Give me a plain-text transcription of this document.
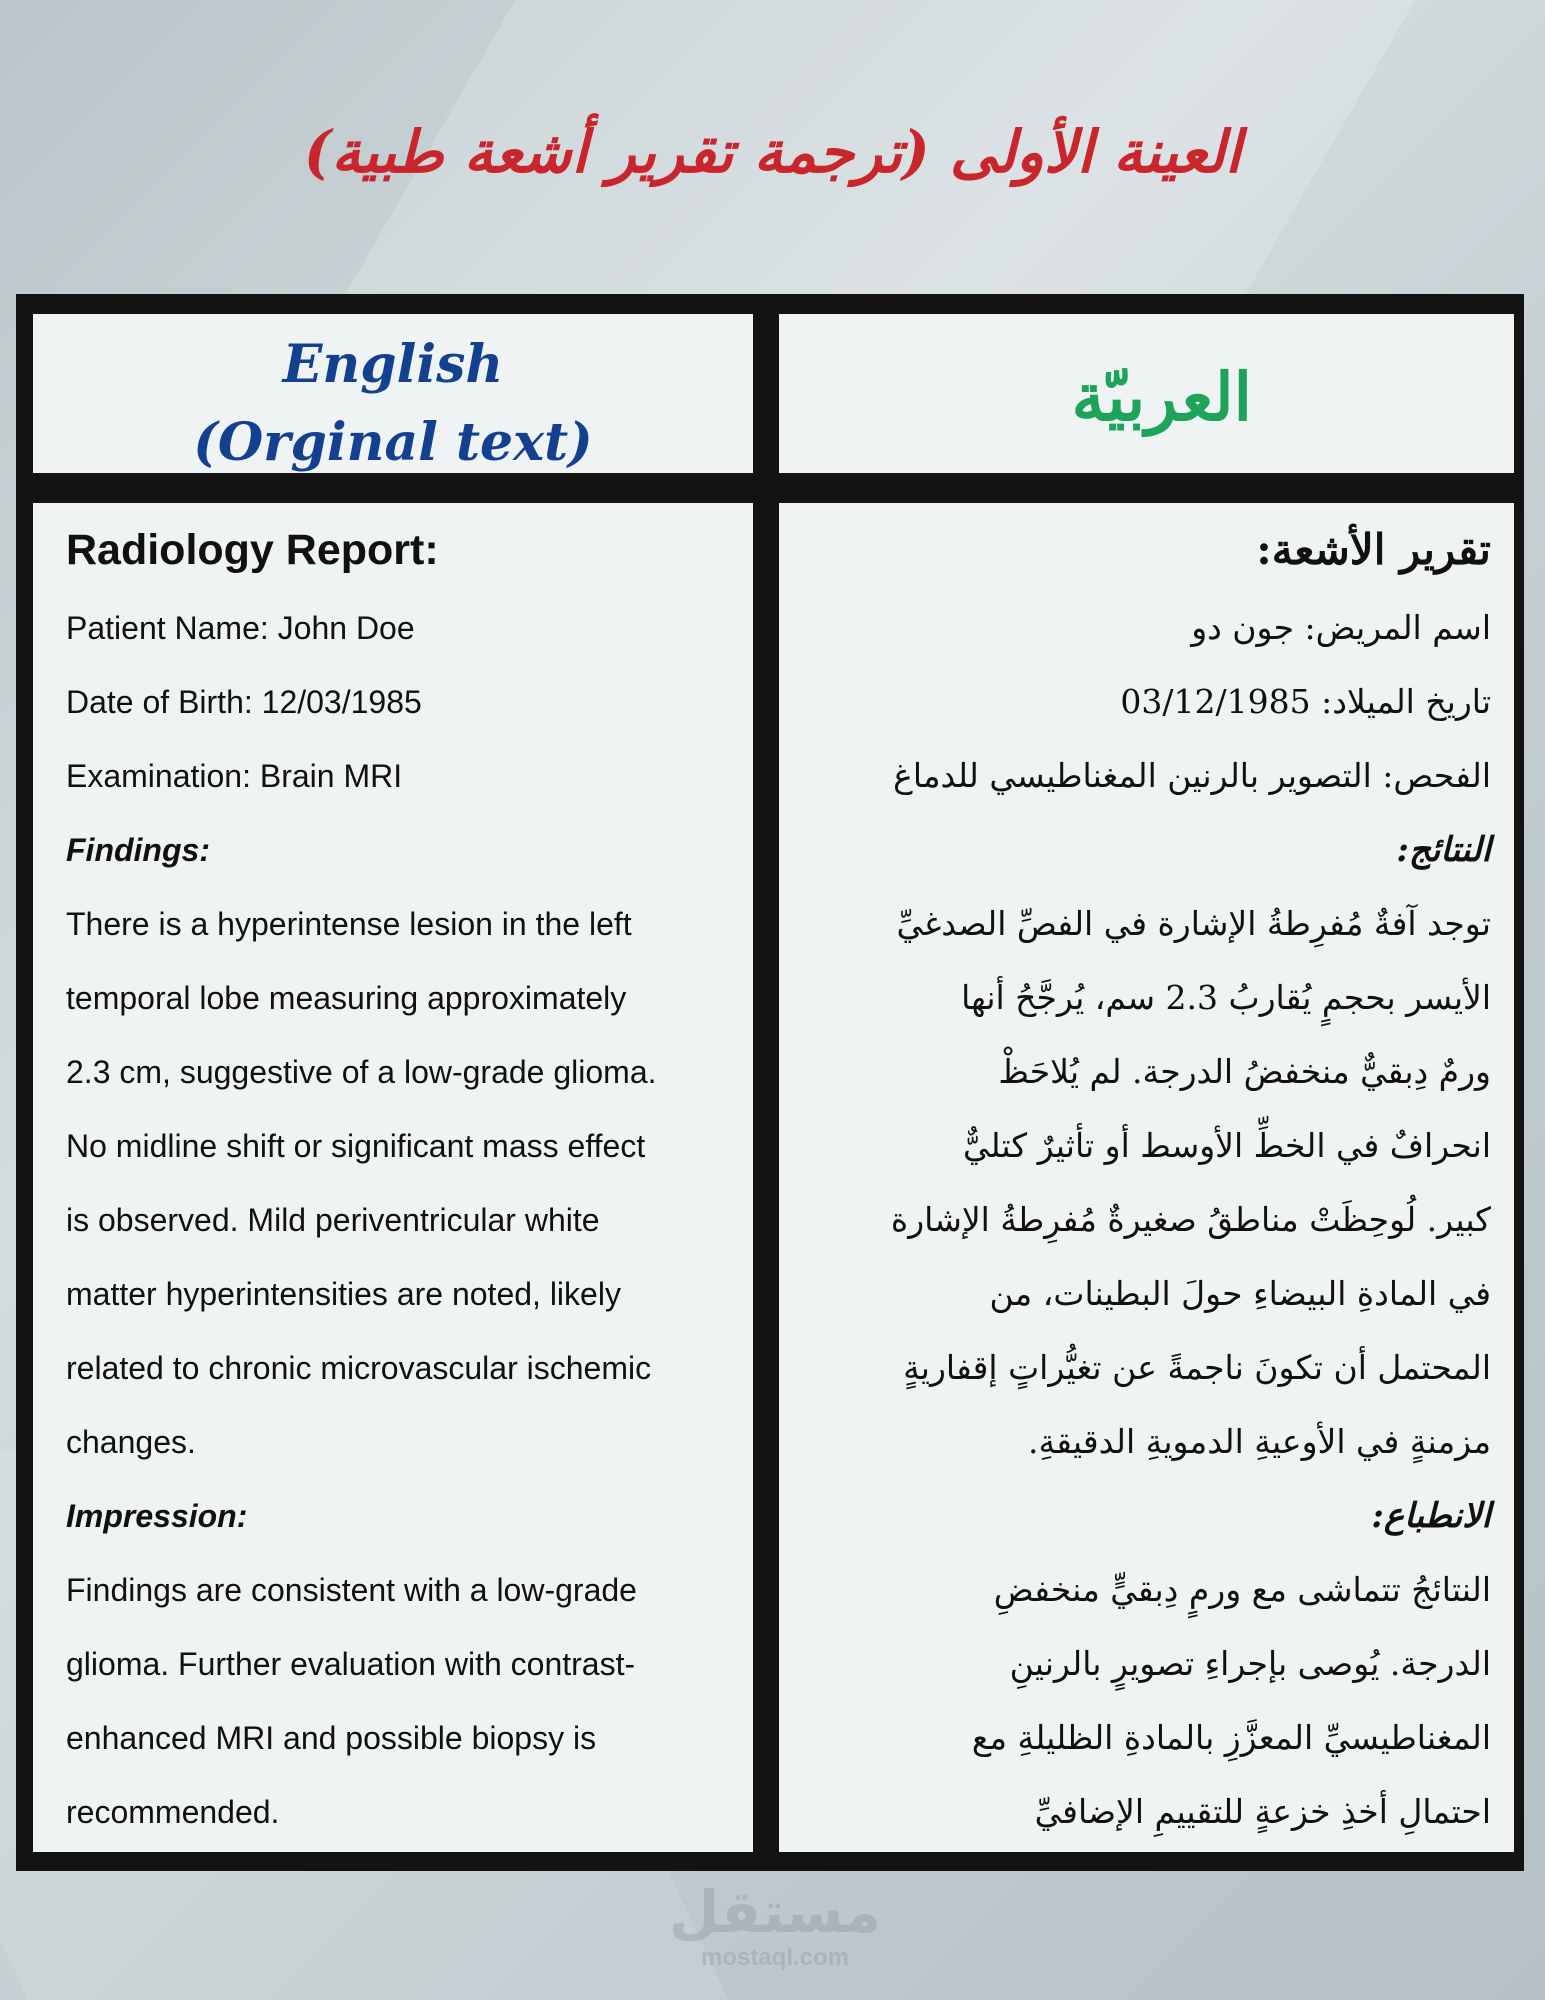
العينة الأولى (ترجمة تقرير أشعة طبية)
English
(Orginal text)
العربيّة
Radiology Report:
Patient Name: John Doe
Date of Birth: 12/03/1985
Examination: Brain MRI
Findings:
There is a hyperintense lesion in the left
temporal lobe measuring approximately
2.3 cm, suggestive of a low-grade glioma.
No midline shift or significant mass effect
is observed. Mild periventricular white
matter hyperintensities are noted, likely
related to chronic microvascular ischemic
changes.
Impression:
Findings are consistent with a low-grade
glioma. Further evaluation with contrast-
enhanced MRI and possible biopsy is
recommended.
تقرير الأشعة:
اسم المريض: جون دو
تاريخ الميلاد: 03/12/1985
الفحص: التصوير بالرنين المغناطيسي للدماغ
النتائج:
توجد آفةٌ مُفرِطةُ الإشارة في الفصِّ الصدغيِّ
الأيسر بحجمٍ يُقاربُ 2.3 سم، يُرجَّحُ أنها
ورمٌ دِبقيٌّ منخفضُ الدرجة. لم يُلاحَظْ
انحرافٌ في الخطِّ الأوسط أو تأثيرٌ كتليٌّ
كبير. لُوحِظَتْ مناطقُ صغيرةٌ مُفرِطةُ الإشارة
في المادةِ البيضاءِ حولَ البطينات، من
المحتمل أن تكونَ ناجمةً عن تغيُّراتٍ إقفاريةٍ
مزمنةٍ في الأوعيةِ الدمويةِ الدقيقةِ.
الانطباع:
النتائجُ تتماشى مع ورمٍ دِبقيٍّ منخفضِ
الدرجة. يُوصى بإجراءِ تصويرٍ بالرنينِ
المغناطيسيِّ المعزَّزِ بالمادةِ الظليلةِ مع
احتمالِ أخذِ خزعةٍ للتقييمِ الإضافيِّ
مستقل
mostaql.com
